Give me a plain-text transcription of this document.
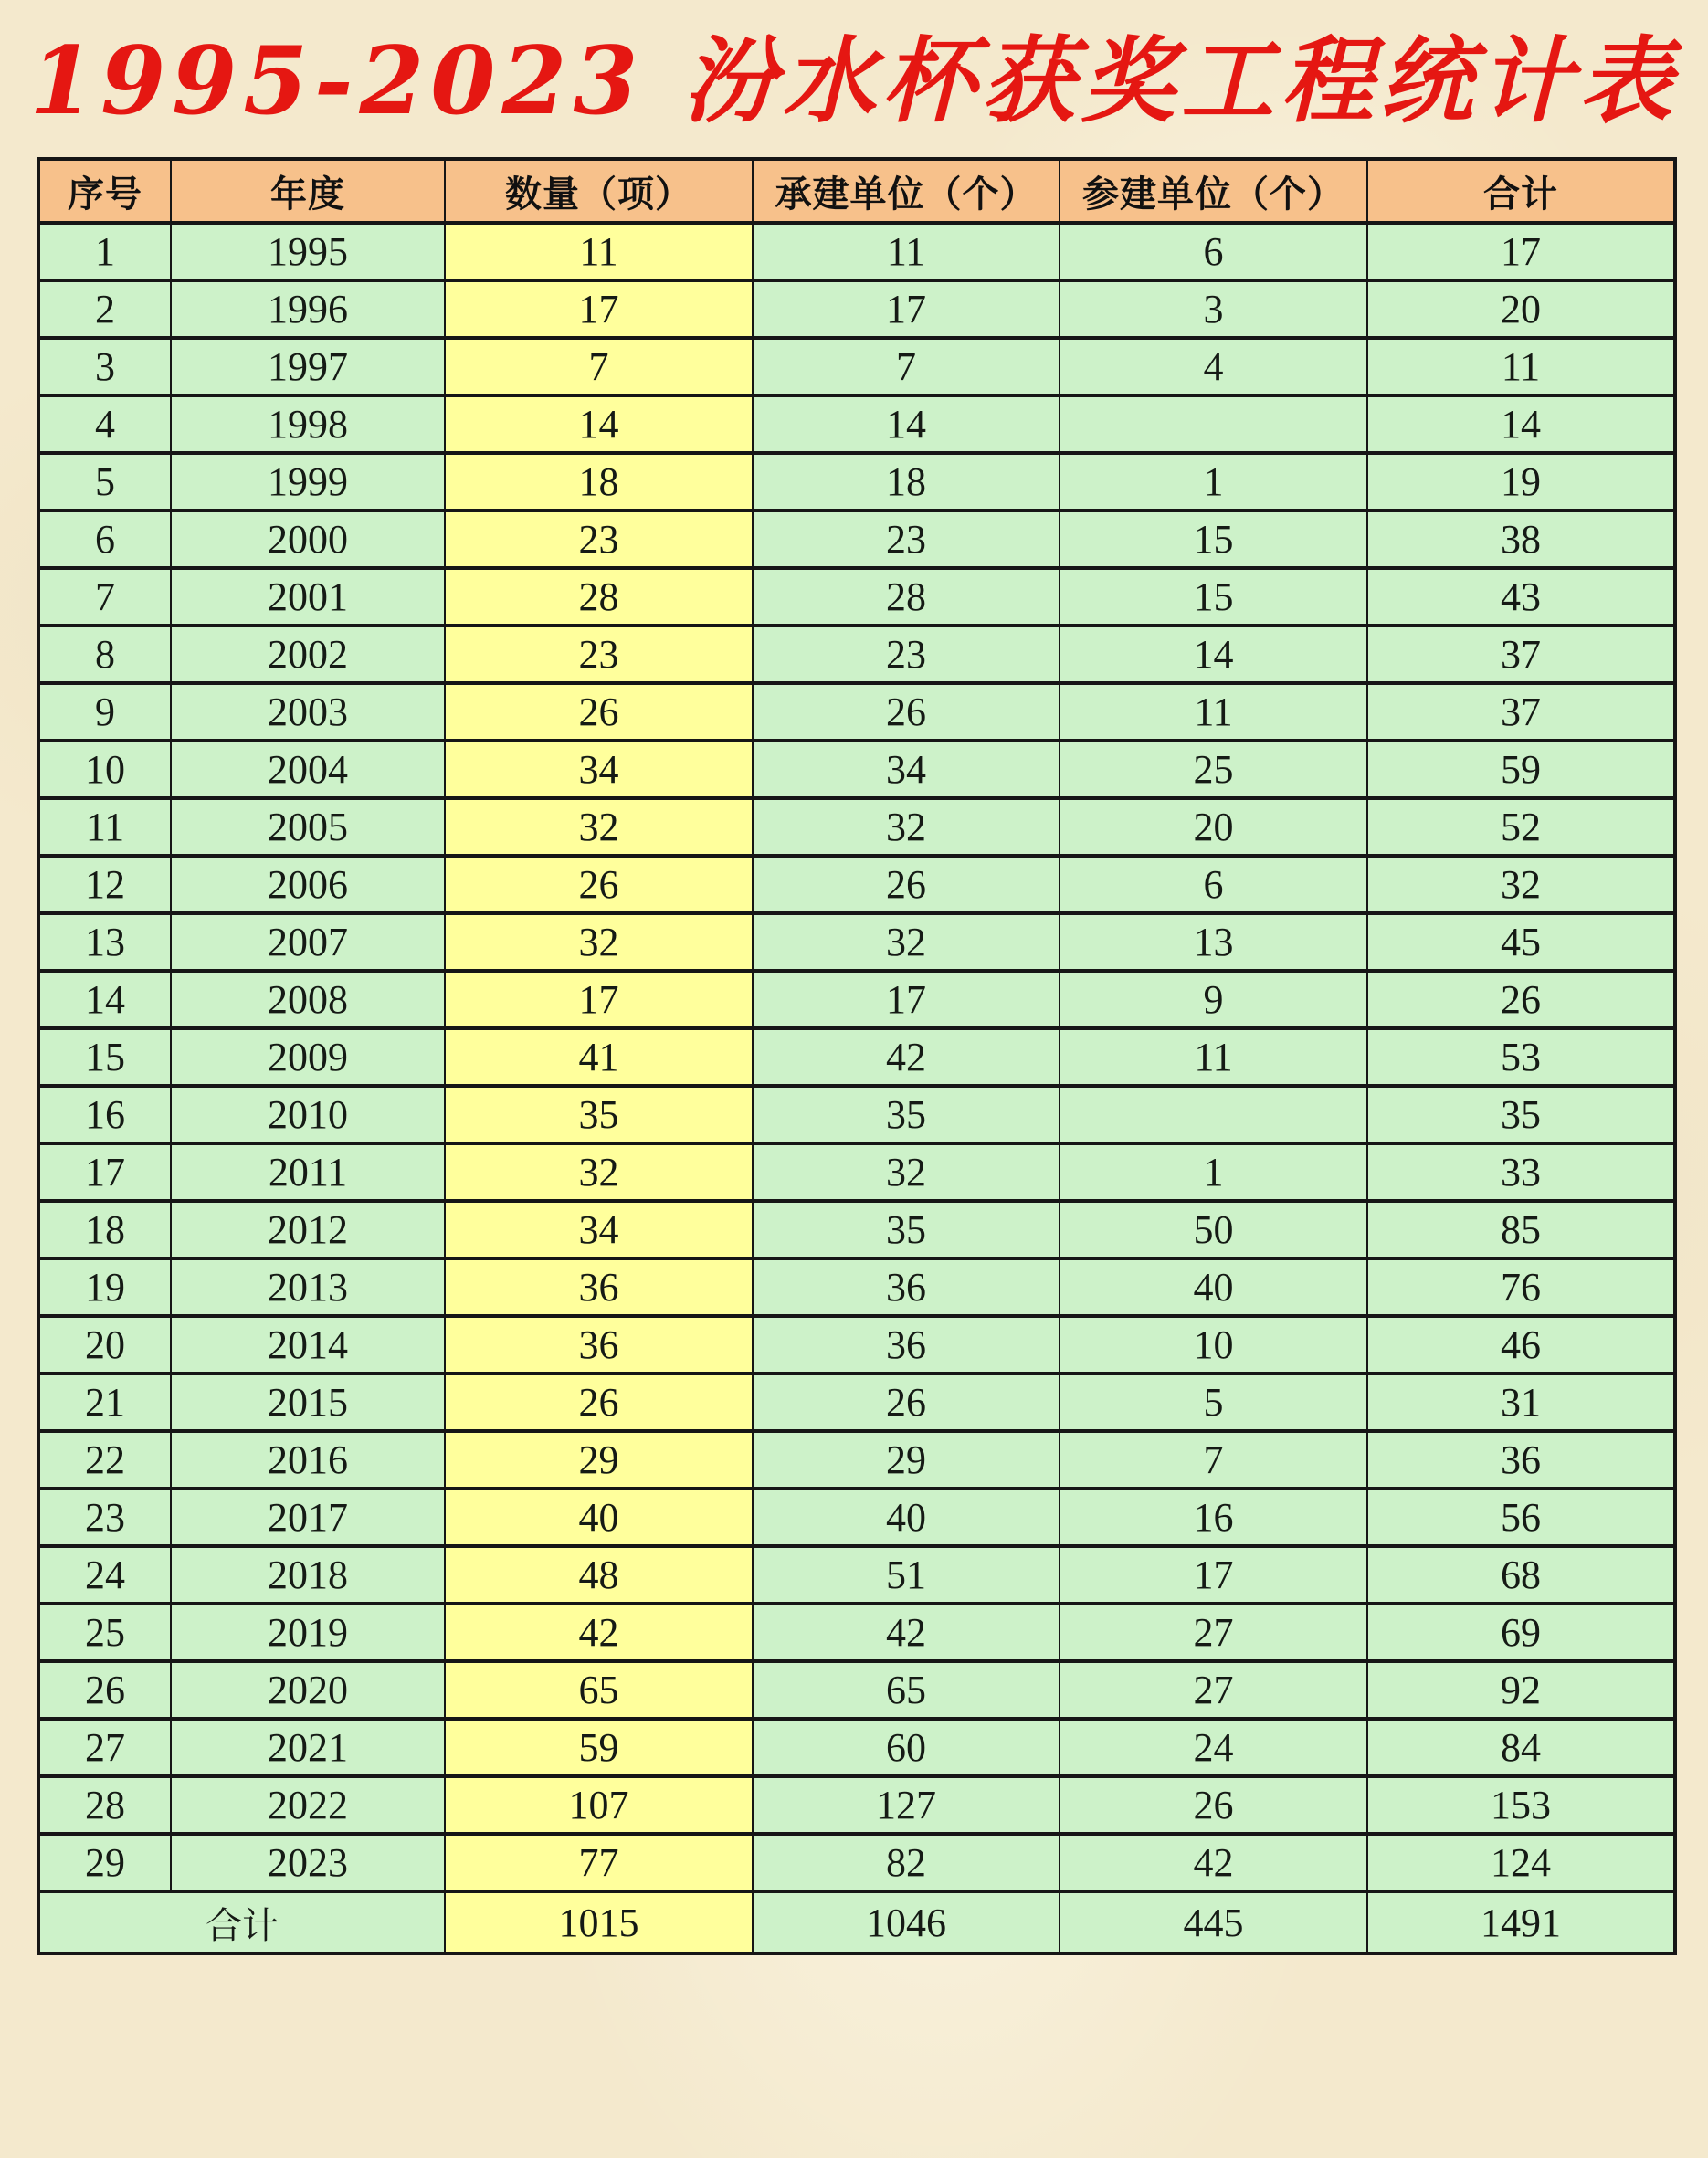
1995-2023 汾水杯获奖工程统计表
序号	年度	数量（项）	承建单位（个）	参建单位（个）	合计
1	1995	11	11	6	17
2	1996	17	17	3	20
3	1997	7	7	4	11
4	1998	14	14		14
5	1999	18	18	1	19
6	2000	23	23	15	38
7	2001	28	28	15	43
8	2002	23	23	14	37
9	2003	26	26	11	37
10	2004	34	34	25	59
11	2005	32	32	20	52
12	2006	26	26	6	32
13	2007	32	32	13	45
14	2008	17	17	9	26
15	2009	41	42	11	53
16	2010	35	35		35
17	2011	32	32	1	33
18	2012	34	35	50	85
19	2013	36	36	40	76
20	2014	36	36	10	46
21	2015	26	26	5	31
22	2016	29	29	7	36
23	2017	40	40	16	56
24	2018	48	51	17	68
25	2019	42	42	27	69
26	2020	65	65	27	92
27	2021	59	60	24	84
28	2022	107	127	26	153
29	2023	77	82	42	124
合计		1015	1046	445	1491
